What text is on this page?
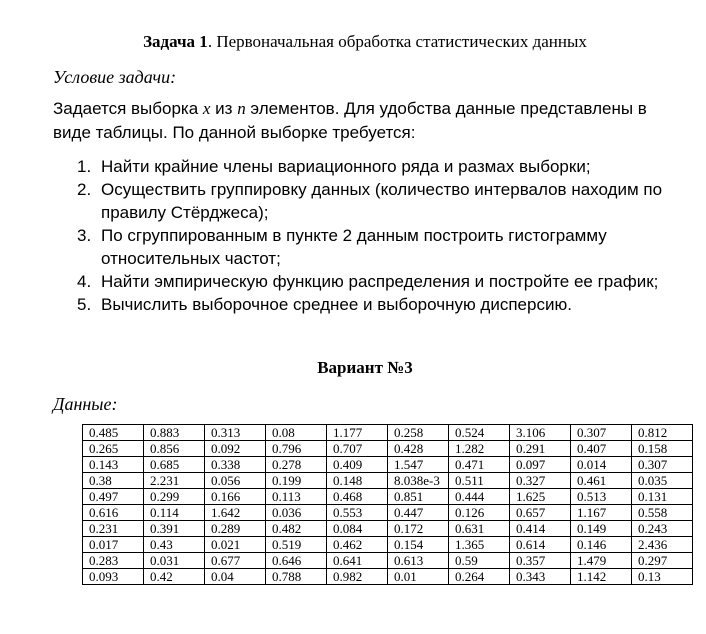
Задача 1. Первоначальная обработка статистических данных
Условие задачи:
Задается выборка x из n элементов. Для удобства данные представлены в виде таблицы. По данной выборке требуется:
1. Найти крайние члены вариационного ряда и размах выборки;
2. Осуществить группировку данных (количество интервалов находим по правилу Стёрджеса);
3. По сгруппированным в пункте 2 данным построить гистограмму относительных частот;
4. Найти эмпирическую функцию распределения и постройте ее график;
5. Вычислить выборочное среднее и выборочную дисперсию.
Вариант №3
Данные:
0.485	0.883	0.313	0.08	1.177	0.258	0.524	3.106	0.307	0.812
0.265	0.856	0.092	0.796	0.707	0.428	1.282	0.291	0.407	0.158
0.143	0.685	0.338	0.278	0.409	1.547	0.471	0.097	0.014	0.307
0.38	2.231	0.056	0.199	0.148	8.038e-3	0.511	0.327	0.461	0.035
0.497	0.299	0.166	0.113	0.468	0.851	0.444	1.625	0.513	0.131
0.616	0.114	1.642	0.036	0.553	0.447	0.126	0.657	1.167	0.558
0.231	0.391	0.289	0.482	0.084	0.172	0.631	0.414	0.149	0.243
0.017	0.43	0.021	0.519	0.462	0.154	1.365	0.614	0.146	2.436
0.283	0.031	0.677	0.646	0.641	0.613	0.59	0.357	1.479	0.297
0.093	0.42	0.04	0.788	0.982	0.01	0.264	0.343	1.142	0.13
